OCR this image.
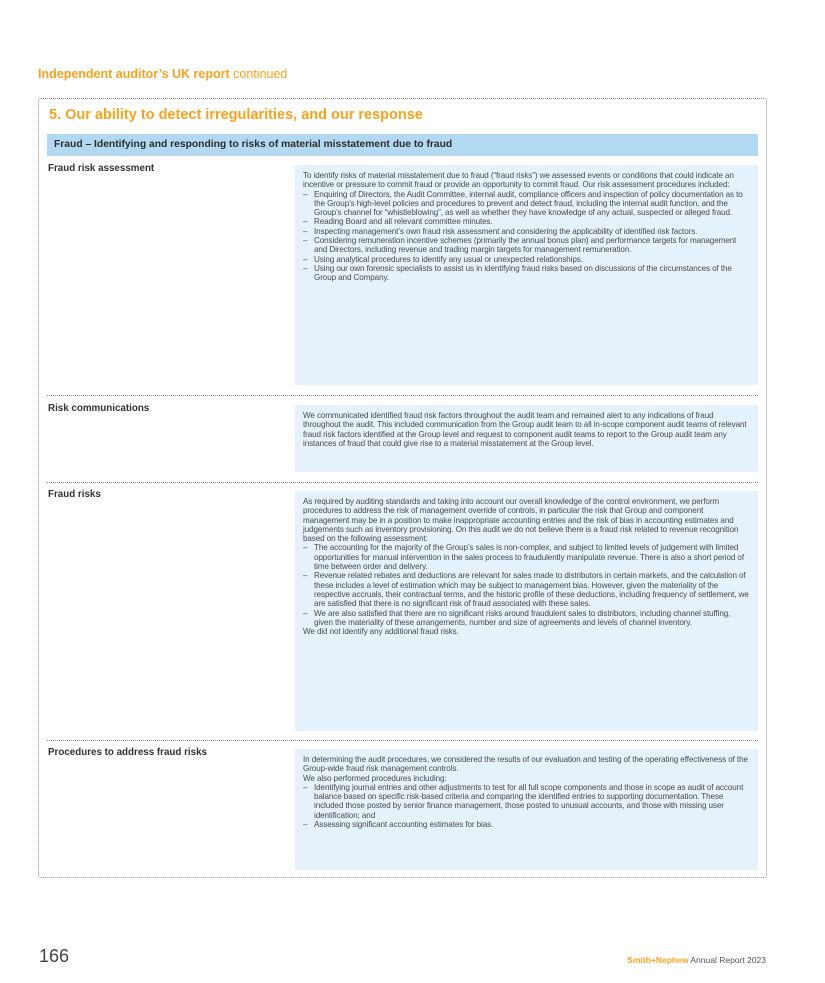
Independent auditor’s UK report continued
5. Our ability to detect irregularities, and our response
Fraud – Identifying and responding to risks of material misstatement due to fraud
Fraud risk assessment

To identify risks of material misstatement due to fraud (“fraud risks”) we assessed events or conditions that could indicate an incentive or pressure to commit fraud or provide an opportunity to commit fraud. Our risk assessment procedures included:

– Enquiring of Directors, the Audit Committee, internal audit, compliance officers and inspection of policy documentation as to the Group’s high-level policies and procedures to prevent and detect fraud, including the internal audit function, and the Group’s channel for “whistleblowing”, as well as whether they have knowledge of any actual, suspected or alleged fraud.
– Reading Board and all relevant committee minutes.
– Inspecting management’s own fraud risk assessment and considering the applicability of identified risk factors.
– Considering remuneration incentive schemes (primarily the annual bonus plan) and performance targets for management and Directors, including revenue and trading margin targets for management remuneration.
– Using analytical procedures to identify any usual or unexpected relationships.
– Using our own forensic specialists to assist us in identifying fraud risks based on discussions of the circumstances of the Group and Company.
Risk communications

We communicated identified fraud risk factors throughout the audit team and remained alert to any indications of fraud throughout the audit. This included communication from the Group audit team to all in-scope component audit teams of relevant fraud risk factors identified at the Group level and request to component audit teams to report to the Group audit team any instances of fraud that could give rise to a material misstatement at the Group level.

Fraud risks

As required by auditing standards and taking into account our overall knowledge of the control environment, we perform procedures to address the risk of management override of controls, in particular the risk that Group and component management may be in a position to make inappropriate accounting entries and the risk of bias in accounting estimates and judgements such as inventory provisioning. On this audit we do not believe there is a fraud risk related to revenue recognition based on the following assessment:

– The accounting for the majority of the Group’s sales is non-complex, and subject to limited levels of judgement with limited opportunities for manual intervention in the sales process to fraudulently manipulate revenue. There is also a short period of time between order and delivery.
– Revenue related rebates and deductions are relevant for sales made to distributors in certain markets, and the calculation of these includes a level of estimation which may be subject to management bias. However, given the materiality of the respective accruals, their contractual terms, and the historic profile of these deductions, including frequency of settlement, we are satisfied that there is no significant risk of fraud associated with these sales.
– We are also satisfied that there are no significant risks around fraudulent sales to distributors, including channel stuffing, given the materiality of these arrangements, number and size of agreements and levels of channel inventory.

We did not identify any additional fraud risks.

Procedures to address fraud risks

In determining the audit procedures, we considered the results of our evaluation and testing of the operating effectiveness of the Group-wide fraud risk management controls.

We also performed procedures including:

– Identifying journal entries and other adjustments to test for all full scope components and those in scope as audit of account balance based on specific risk-based criteria and comparing the identified entries to supporting documentation. These included those posted by senior finance management, those posted to unusual accounts, and those with missing user identification; and
– Assessing significant accounting estimates for bias.
166	Smith+Nephew Annual Report 2023
